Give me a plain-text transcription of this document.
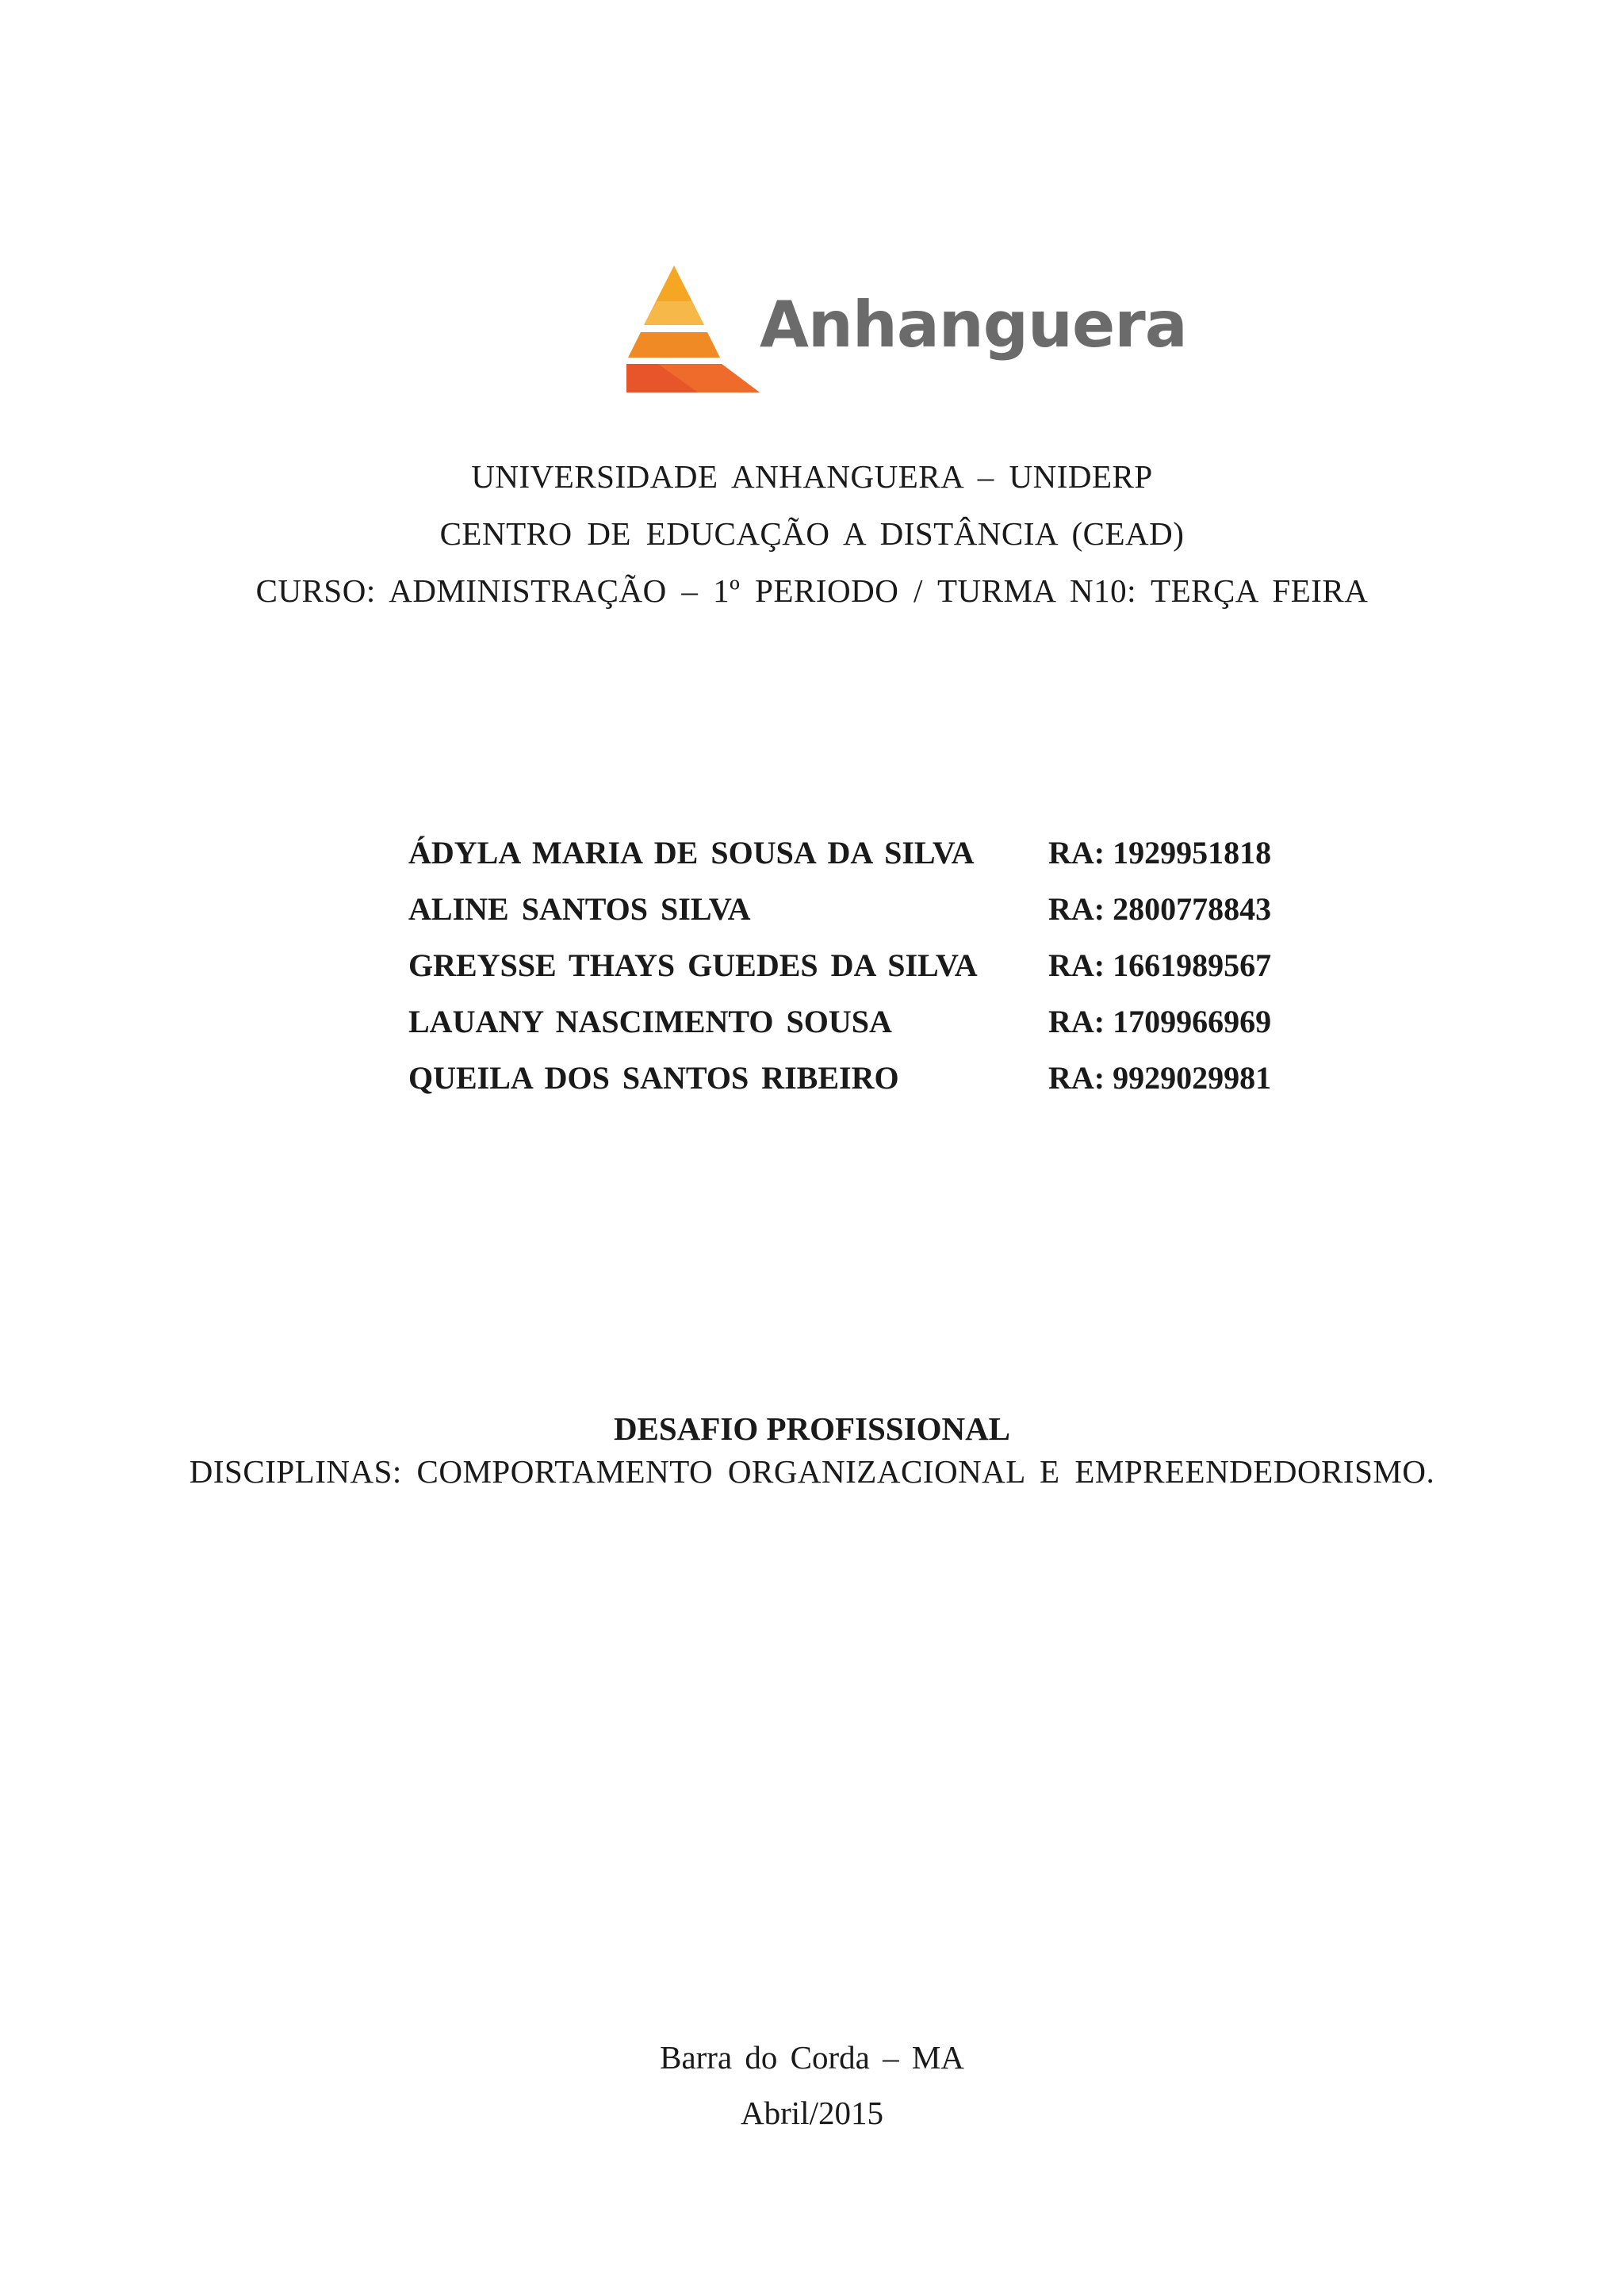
Anhanguera
UNIVERSIDADE ANHANGUERA – UNIDERP
CENTRO DE EDUCAÇÃO A DISTÂNCIA (CEAD)
CURSO: ADMINISTRAÇÃO – 1º PERIODO / TURMA N10: TERÇA FEIRA
ÁDYLA MARIA DE SOUSA DA SILVA RA: 1929951818
ALINE SANTOS SILVA	RA: 2800778843
GREYSSE THAYS GUEDES DA SILVA RA: 1661989567
LAUANY NASCIMENTO SOUSA	RA: 1709966969
QUEILA DOS SANTOS RIBEIRO	RA: 9929029981
DESAFIO PROFISSIONAL
DISCIPLINAS: COMPORTAMENTO ORGANIZACIONAL E EMPREENDEDORISMO.
Barra do Corda – MA
Abril/2015
